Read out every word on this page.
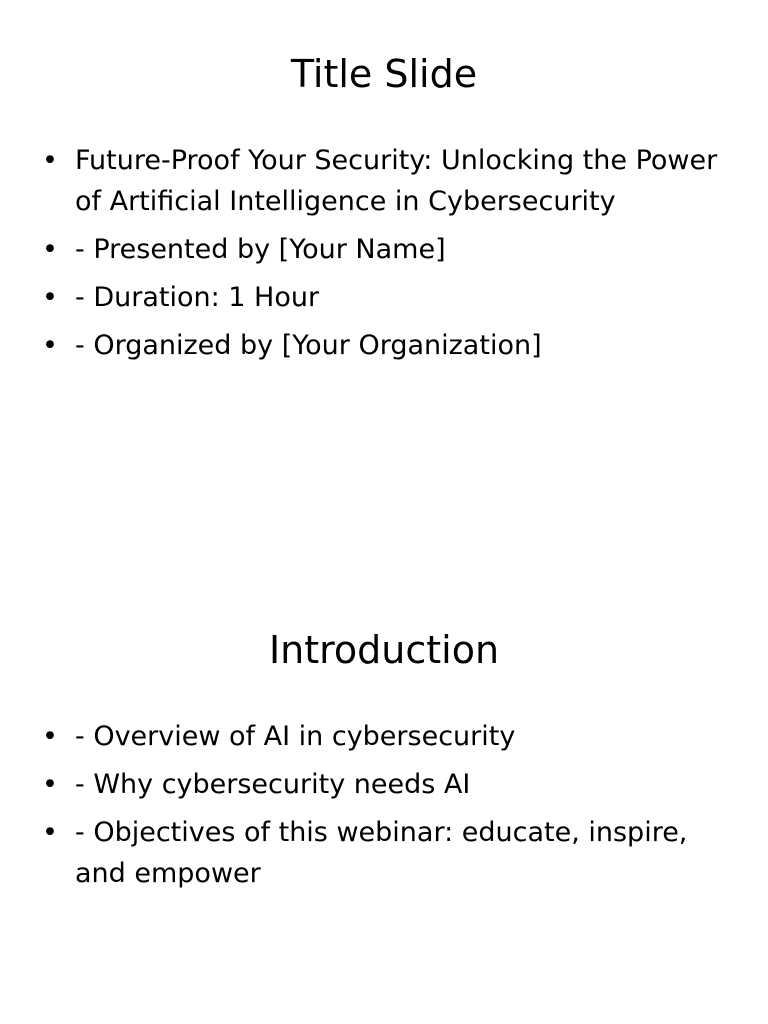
Title Slide
• Future-Proof Your Security: Unlocking the Power of Artificial Intelligence in Cybersecurity
• - Presented by [Your Name]
• - Duration: 1 Hour
• - Organized by [Your Organization]
Introduction
• - Overview of AI in cybersecurity
• - Why cybersecurity needs AI
• - Objectives of this webinar: educate, inspire, and empower
